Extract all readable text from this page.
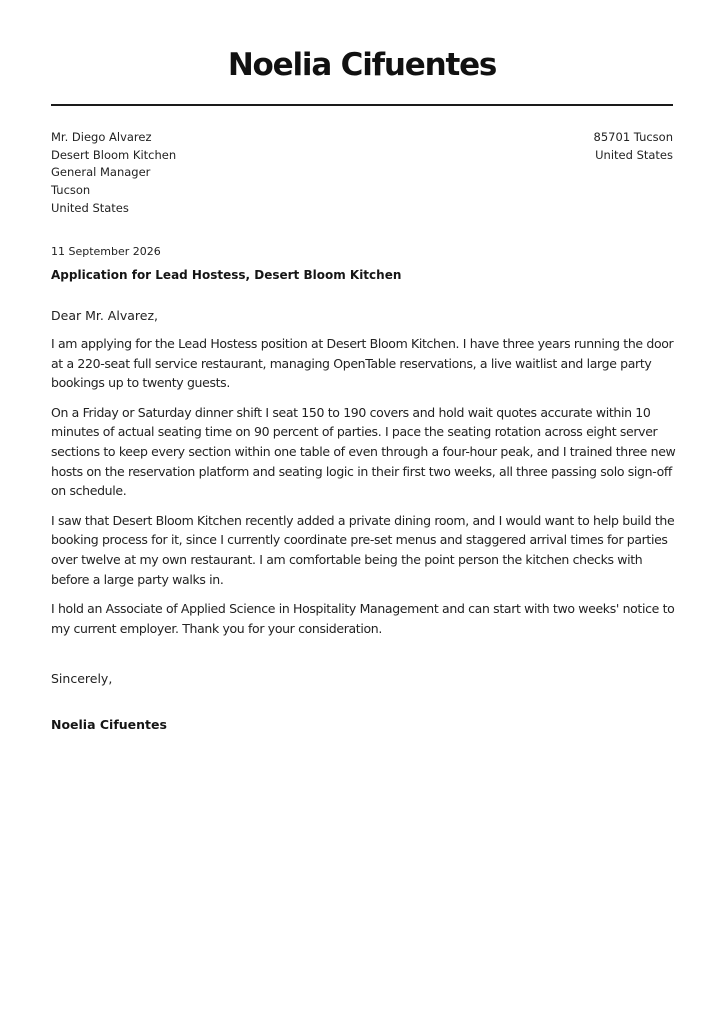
Noelia Cifuentes
Mr. Diego Alvarez
Desert Bloom Kitchen
General Manager
Tucson
United States
85701 Tucson
United States
11 September 2026
Application for Lead Hostess, Desert Bloom Kitchen
Dear Mr. Alvarez,

I am applying for the Lead Hostess position at Desert Bloom Kitchen. I have three years running the door at a 220-seat full service restaurant, managing OpenTable reservations, a live waitlist and large party bookings up to twenty guests.

On a Friday or Saturday dinner shift I seat 150 to 190 covers and hold wait quotes accurate within 10 minutes of actual seating time on 90 percent of parties. I pace the seating rotation across eight server sections to keep every section within one table of even through a four-hour peak, and I trained three new hosts on the reservation platform and seating logic in their first two weeks, all three passing solo sign-off on schedule.

I saw that Desert Bloom Kitchen recently added a private dining room, and I would want to help build the booking process for it, since I currently coordinate pre-set menus and staggered arrival times for parties over twelve at my own restaurant. I am comfortable being the point person the kitchen checks with before a large party walks in.

I hold an Associate of Applied Science in Hospitality Management and can start with two weeks' notice to my current employer. Thank you for your consideration.

Sincerely,
Noelia Cifuentes
